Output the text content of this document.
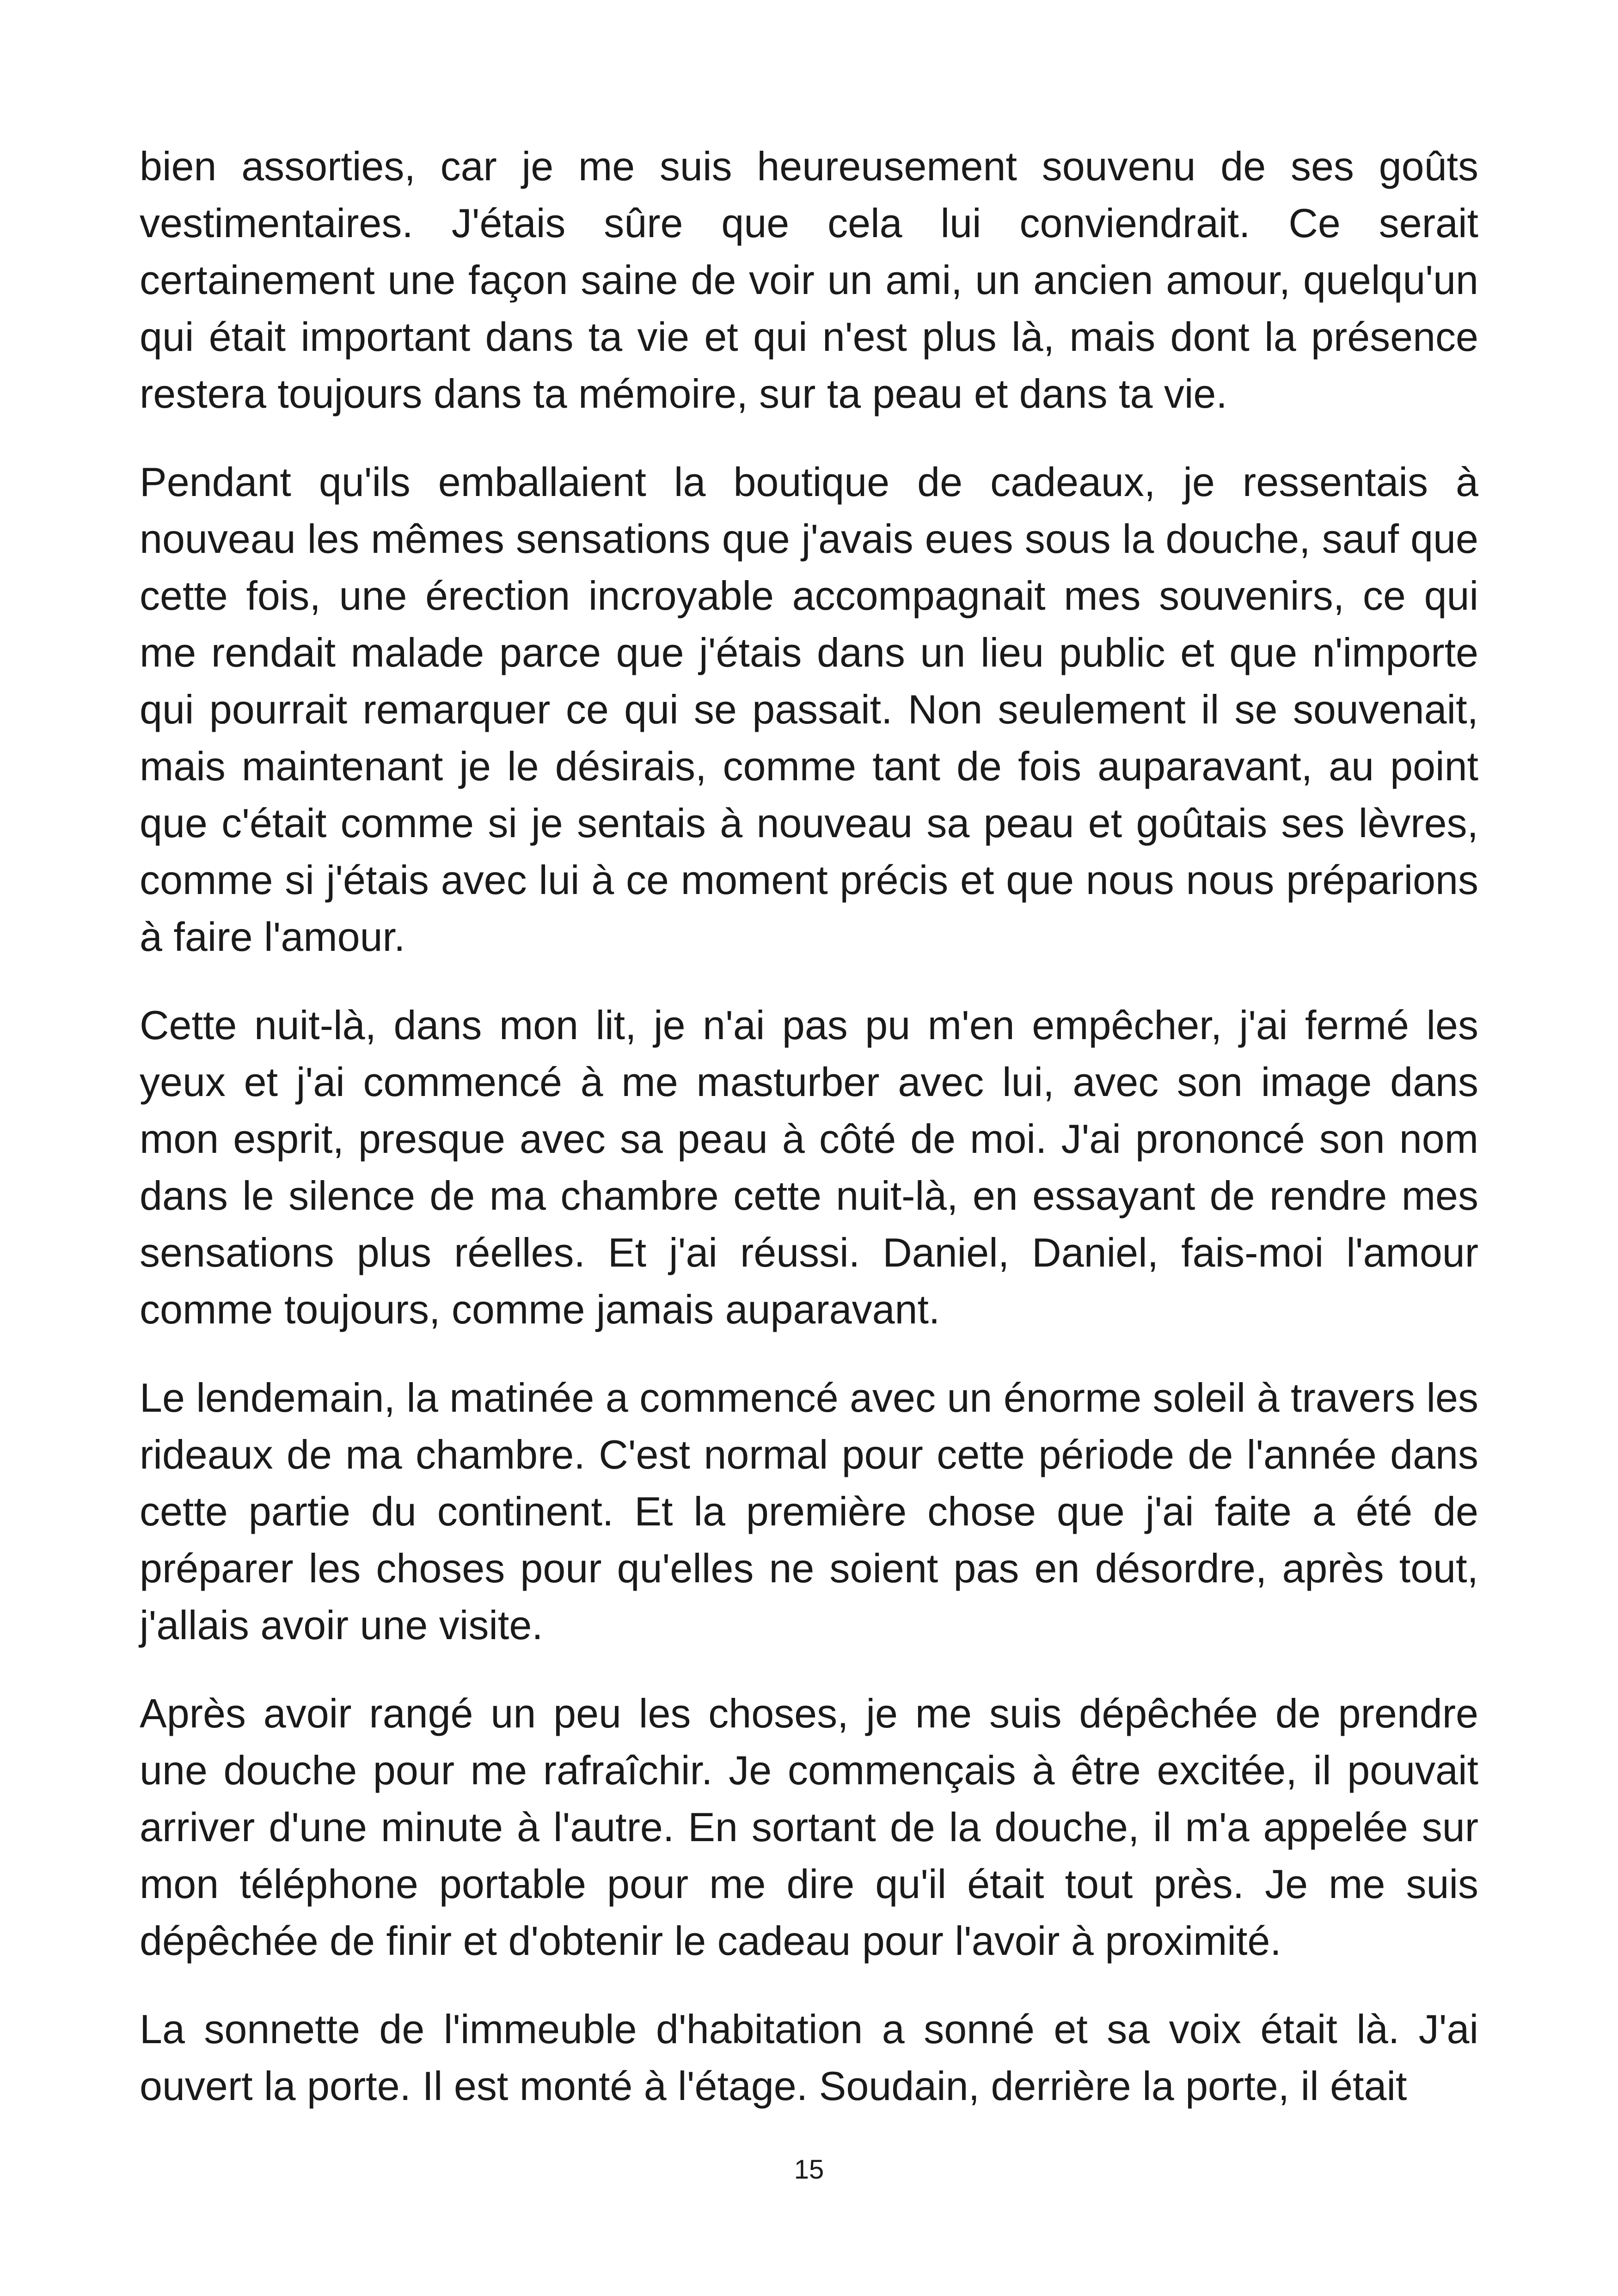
bien assorties, car je me suis heureusement souvenu de ses goûts vestimentaires. J'étais sûre que cela lui conviendrait. Ce serait certainement une façon saine de voir un ami, un ancien amour, quelqu'un qui était important dans ta vie et qui n'est plus là, mais dont la présence restera toujours dans ta mémoire, sur ta peau et dans ta vie.

Pendant qu'ils emballaient la boutique de cadeaux, je ressentais à nouveau les mêmes sensations que j'avais eues sous la douche, sauf que cette fois, une érection incroyable accompagnait mes souvenirs, ce qui me rendait malade parce que j'étais dans un lieu public et que n'importe qui pourrait remarquer ce qui se passait. Non seulement il se souvenait, mais maintenant je le désirais, comme tant de fois auparavant, au point que c'était comme si je sentais à nouveau sa peau et goûtais ses lèvres, comme si j'étais avec lui à ce moment précis et que nous nous préparions à faire l'amour.

Cette nuit-là, dans mon lit, je n'ai pas pu m'en empêcher, j'ai fermé les yeux et j'ai commencé à me masturber avec lui, avec son image dans mon esprit, presque avec sa peau à côté de moi. J'ai prononcé son nom dans le silence de ma chambre cette nuit-là, en essayant de rendre mes sensations plus réelles. Et j'ai réussi. Daniel, Daniel, fais-moi l'amour comme toujours, comme jamais auparavant.

Le lendemain, la matinée a commencé avec un énorme soleil à travers les rideaux de ma chambre. C'est normal pour cette période de l'année dans cette partie du continent. Et la première chose que j'ai faite a été de préparer les choses pour qu'elles ne soient pas en désordre, après tout, j'allais avoir une visite.

Après avoir rangé un peu les choses, je me suis dépêchée de prendre une douche pour me rafraîchir. Je commençais à être excitée, il pouvait arriver d'une minute à l'autre. En sortant de la douche, il m'a appelée sur mon téléphone portable pour me dire qu'il était tout près. Je me suis dépêchée de finir et d'obtenir le cadeau pour l'avoir à proximité.

La sonnette de l'immeuble d'habitation a sonné et sa voix était là. J'ai ouvert la porte. Il est monté à l'étage. Soudain, derrière la porte, il était

15
